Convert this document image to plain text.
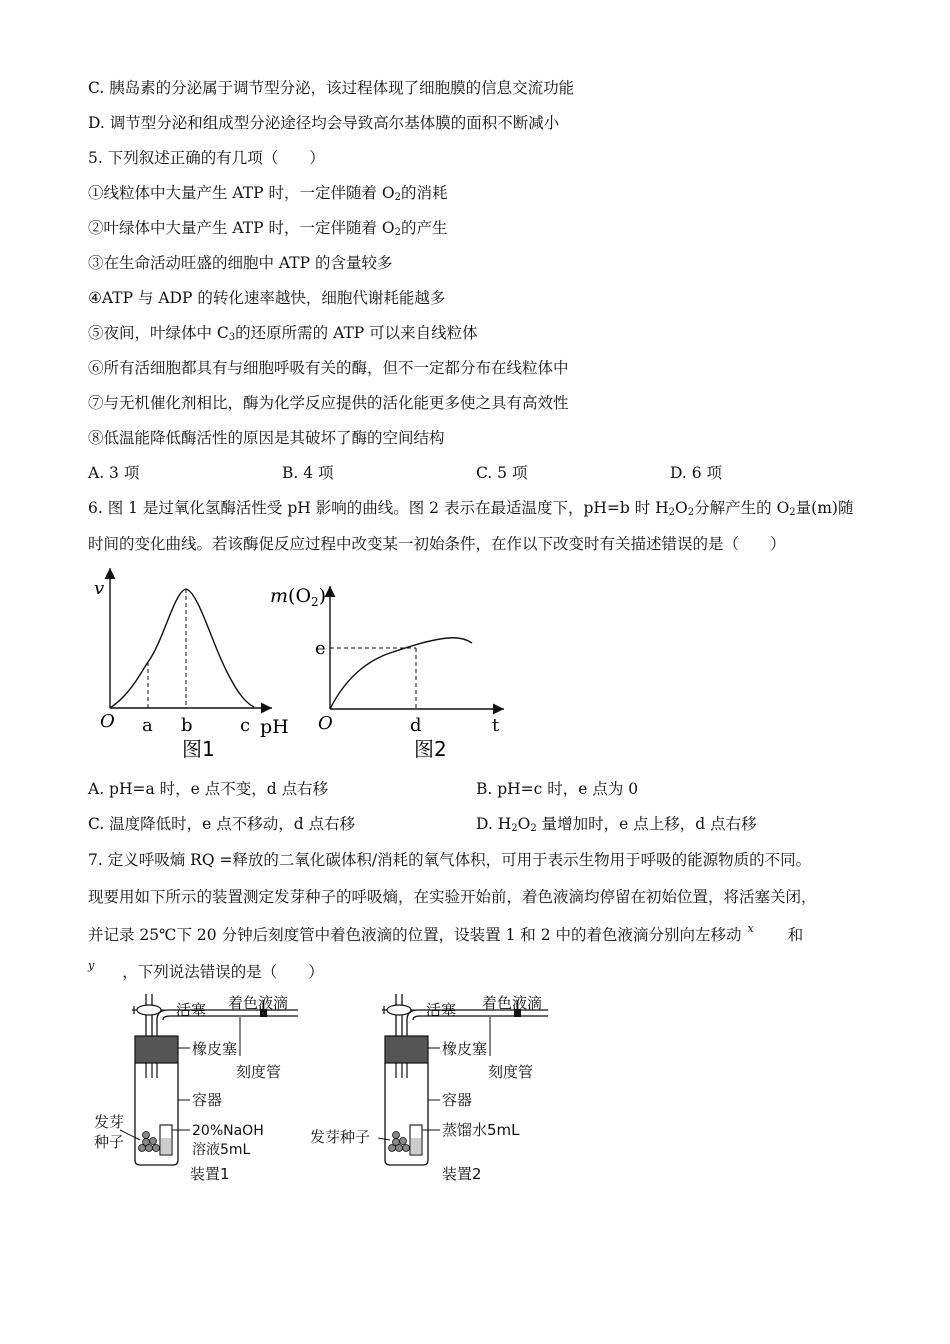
C. 胰岛素的分泌属于调节型分泌，该过程体现了细胞膜的信息交流功能
D. 调节型分泌和组成型分泌途径均会导致高尔基体膜的面积不断减小
5. 下列叙述正确的有几项（　　）
①线粒体中大量产生 ATP 时，一定伴随着 $O_2$的消耗
②叶绿体中大量产生 ATP 时，一定伴随着 $O_2$的产生
③在生命活动旺盛的细胞中 ATP 的含量较多
④ATP 与 ADP 的转化速率越快，细胞代谢耗能越多
⑤夜间，叶绿体中 $C_3$的还原所需的 ATP 可以来自线粒体
⑥所有活细胞都具有与细胞呼吸有关的酶，但不一定都分布在线粒体中
⑦与无机催化剂相比，酶为化学反应提供的活化能更多使之具有高效性
⑧低温能降低酶活性的原因是其破坏了酶的空间结构
A. 3 项	B. 4 项	C. 5 项	D. 6 项
6. 图 1 是过氧化氢酶活性受 pH 影响的曲线。图 2 表示在最适温度下，pH=b 时 $H_2O_2$分解产生的 $O_2$量(m)随
时间的变化曲线。若该酶促反应过程中改变某一初始条件，在作以下改变时有关描述错误的是（　　）
v
O a b	c pH
图1
$m(O_2)$
e
O	d	t
图2
A. pH=a 时，e 点不变，d 点右移	B. pH=c 时，e 点为 0
C. 温度降低时，e 点不移动，d 点右移	D. $H_2O_2$ 量增加时，e 点上移，d 点右移
7. 定义呼吸熵 RQ =释放的二氧化碳体积/消耗的氧气体积，可用于表示生物用于呼吸的能源物质的不同。
现要用如下所示的装置测定发芽种子的呼吸熵，在实验开始前，着色液滴均停留在初始位置，将活塞关闭，
并记录 25℃下 20 分钟后刻度管中着色液滴的位置，设装置 1 和 2 中的着色液滴分别向左移动 $^x$ 和
$^y$ ，下列说法错误的是（　　）
活塞 着色液滴
橡皮塞
刻度管
容器
发芽
种子
20%NaOH
溶液5mL
装置1
活塞 着色液滴
橡皮塞
刻度管
容器
发芽种子	蒸馏水5mL
装置2
